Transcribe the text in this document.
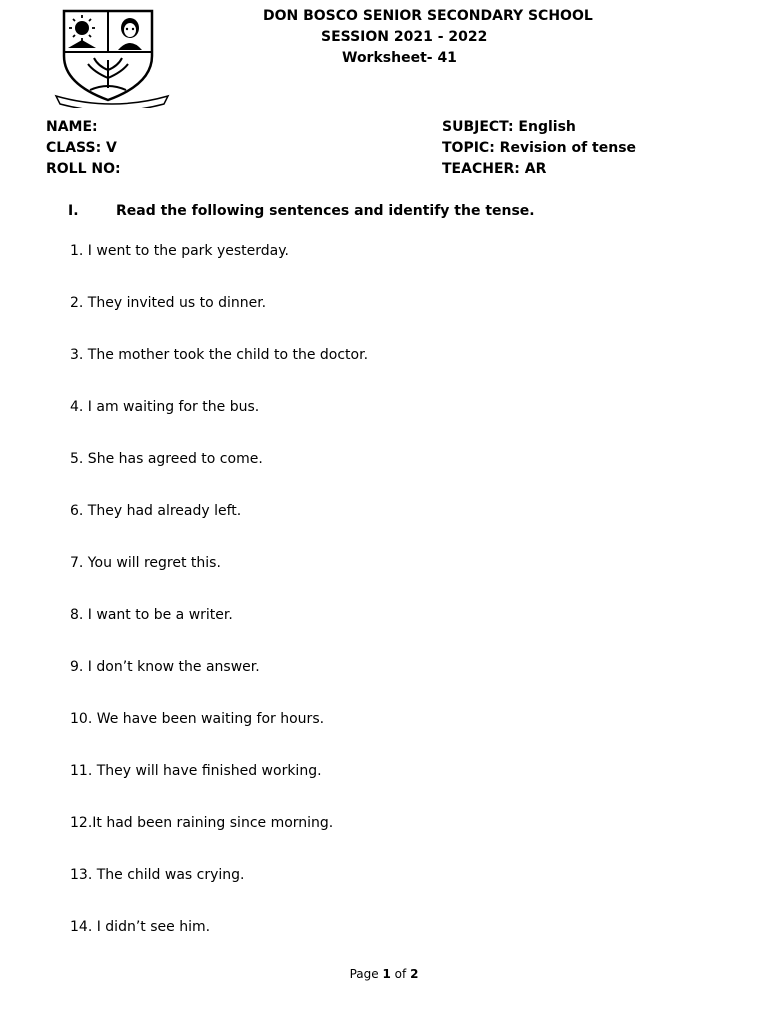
DON BOSCO SENIOR SECONDARY SCHOOL
SESSION 2021 - 2022
Worksheet- 41
NAME:
CLASS: V
ROLL NO:
SUBJECT: English
TOPIC: Revision of tense
TEACHER: AR
I.	Read the following sentences and identify the tense.
1. I went to the park yesterday.
2. They invited us to dinner.
3. The mother took the child to the doctor.
4. I am waiting for the bus.
5. She has agreed to come.
6. They had already left.
7. You will regret this.
8. I want to be a writer.
9. I don’t know the answer.
10. We have been waiting for hours.
11. They will have finished working.
12.It had been raining since morning.
13. The child was crying.
14. I didn’t see him.
Page 1 of 2
